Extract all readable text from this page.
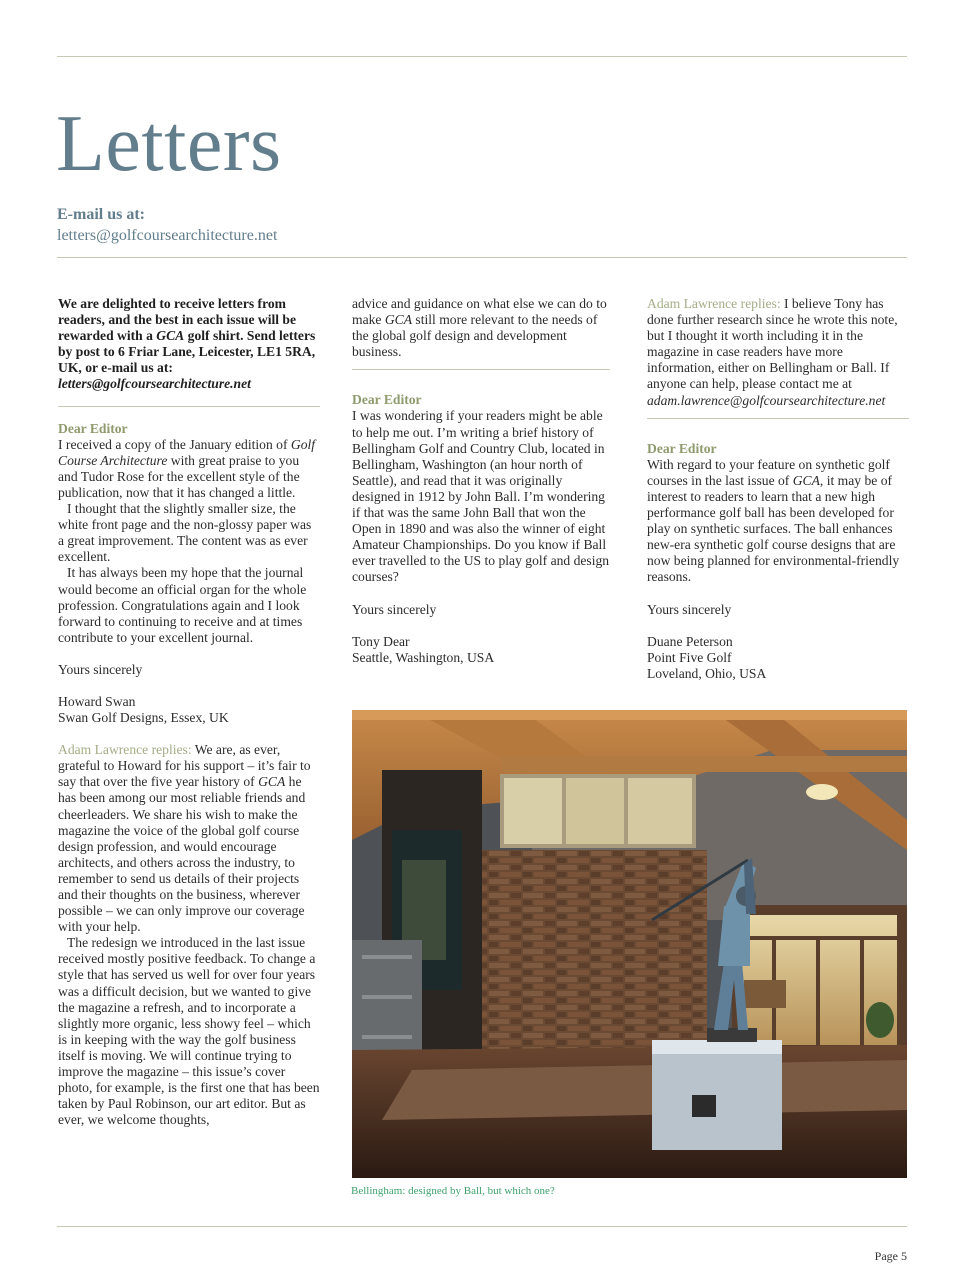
Letters
E-mail us at:
letters@golfcoursearchitecture.net

We are delighted to receive letters from readers, and the best in each issue will be rewarded with a GCA golf shirt. Send letters by post to 6 Friar Lane, Leicester, LE1 5RA, UK, or e-mail us at: letters@golfcoursearchitecture.net

Dear Editor

I received a copy of the January edition of Golf Course Architecture with great praise to you and Tudor Rose for the excellent style of the publication, now that it has changed a little.

I thought that the slightly smaller size, the white front page and the non-glossy paper was a great improvement. The content was as ever excellent.

It has always been my hope that the journal would become an official organ for the whole profession. Congratulations again and I look forward to continuing to receive and at times contribute to your excellent journal.

Yours sincerely

Howard Swan

Swan Golf Designs, Essex, UK

Adam Lawrence replies: We are, as ever, grateful to Howard for his support – it’s fair to say that over the five year history of GCA he has been among our most reliable friends and cheerleaders. We share his wish to make the magazine the voice of the global golf course design profession, and would encourage architects, and others across the industry, to remember to send us details of their projects and their thoughts on the business, wherever possible – we can only improve our coverage with your help.

The redesign we introduced in the last issue received mostly positive feedback. To change a style that has served us well for over four years was a difficult decision, but we wanted to give the magazine a refresh, and to incorporate a slightly more organic, less showy feel – which is in keeping with the way the golf business itself is moving. We will continue trying to improve the magazine – this issue’s cover photo, for example, is the first one that has been taken by Paul Robinson, our art editor. But as ever, we welcome thoughts,

advice and guidance on what else we can do to make GCA still more relevant to the needs of the global golf design and development business.

Dear Editor

I was wondering if your readers might be able to help me out. I’m writing a brief history of Bellingham Golf and Country Club, located in Bellingham, Washington (an hour north of Seattle), and read that it was originally designed in 1912 by John Ball. I’m wondering if that was the same John Ball that won the Open in 1890 and was also the winner of eight Amateur Championships. Do you know if Ball ever travelled to the US to play golf and design courses?

Yours sincerely

Tony Dear

Seattle, Washington, USA

Adam Lawrence replies: I believe Tony has done further research since he wrote this note, but I thought it worth including it in the magazine in case readers have more information, either on Bellingham or Ball. If anyone can help, please contact me at adam.lawrence@golfcoursearchitecture.net

Dear Editor

With regard to your feature on synthetic golf courses in the last issue of GCA, it may be of interest to readers to learn that a new high performance golf ball has been developed for play on synthetic surfaces. The ball enhances new-era synthetic golf course designs that are now being planned for environmental-friendly reasons.

Yours sincerely

Duane Peterson

Point Five Golf

Loveland, Ohio, USA

Bellingham: designed by Ball, but which one?
Page 5
